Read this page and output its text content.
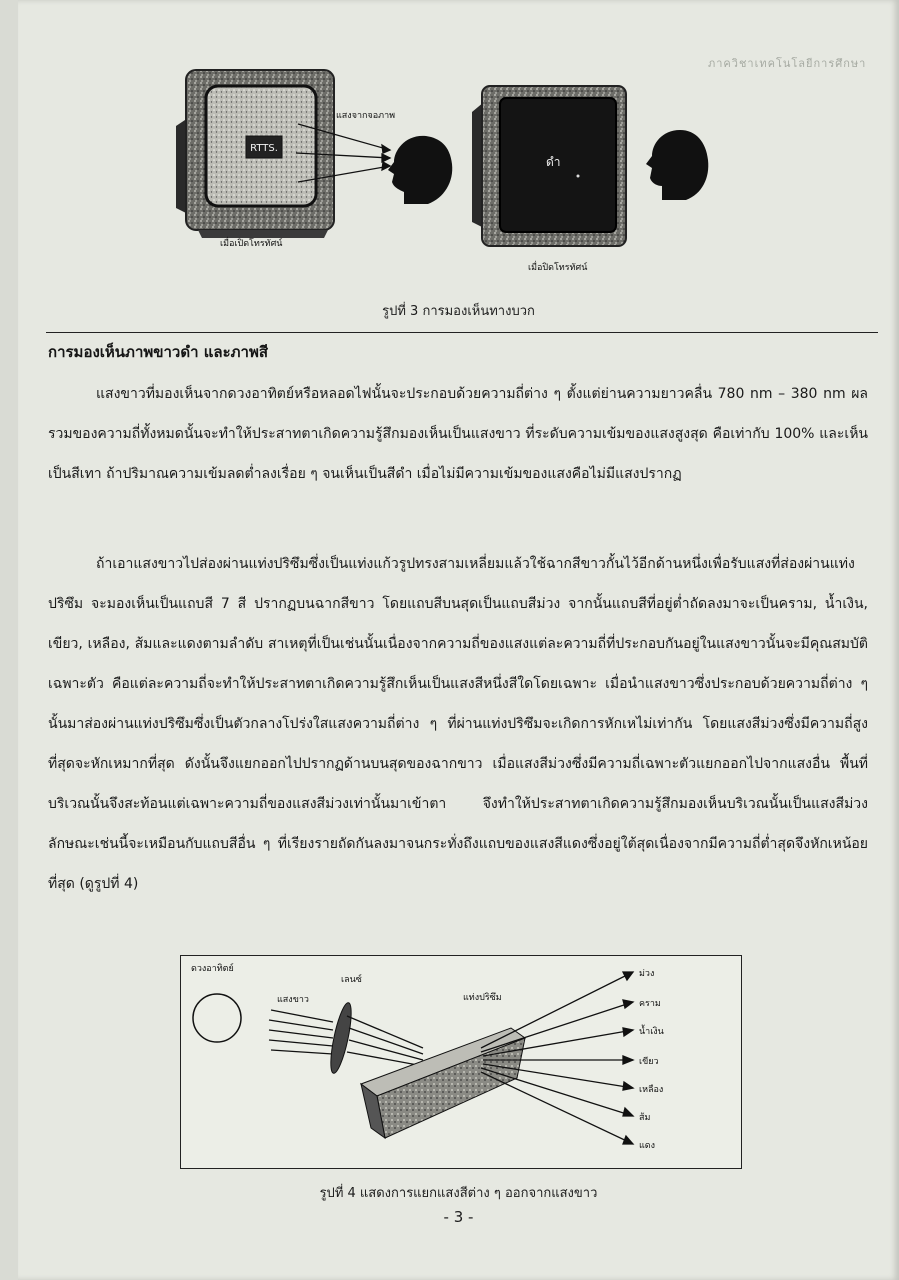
ภาควิชาเทคโนโลยีการศึกษา
RTTS.
แสงจากจอภาพ
เมื่อเปิดโทรทัศน์
ดำ
เมื่อปิดโทรทัศน์
รูปที่ 3 การมองเห็นทางบวก
การมองเห็นภาพขาวดำ และภาพสี

แสงขาวที่มองเห็นจากดวงอาทิตย์หรือหลอดไฟนั้นจะประกอบด้วยความถี่ต่าง ๆ ตั้งแต่ย่านความยาวคลื่น 780 nm – 380 nm ผลรวมของความถี่ทั้งหมดนั้นจะทำให้ประสาทตาเกิดความรู้สึกมองเห็นเป็นแสงขาว ที่ระดับความเข้มของแสงสูงสุด คือเท่ากับ 100% และเห็นเป็นสีเทา ถ้าปริมาณความเข้มลดต่ำลงเรื่อย ๆ จนเห็นเป็นสีดำ เมื่อไม่มีความเข้มของแสงคือไม่มีแสงปรากฏ

ถ้าเอาแสงขาวไปส่องผ่านแท่งปริซึมซึ่งเป็นแท่งแก้วรูปทรงสามเหลี่ยมแล้วใช้ฉากสีขาวกั้นไว้อีกด้านหนึ่งเพื่อรับแสงที่ส่องผ่านแท่งปริซึม จะมองเห็นเป็นแถบสี 7 สี ปรากฏบนฉากสีขาว โดยแถบสีบนสุดเป็นแถบสีม่วง จากนั้นแถบสีที่อยู่ต่ำถัดลงมาจะเป็นคราม, น้ำเงิน, เขียว, เหลือง, ส้มและแดงตามลำดับ สาเหตุที่เป็นเช่นนั้นเนื่องจากความถี่ของแสงแต่ละความถี่ที่ประกอบกันอยู่ในแสงขาวนั้นจะมีคุณสมบัติเฉพาะตัว คือแต่ละความถี่จะทำให้ประสาทตาเกิดความรู้สึกเห็นเป็นแสงสีหนึ่งสีใดโดยเฉพาะ เมื่อนำแสงขาวซึ่งประกอบด้วยความถี่ต่าง ๆ นั้นมาส่องผ่านแท่งปริซึมซึ่งเป็นตัวกลางโปร่งใสแสงความถี่ต่าง ๆ ที่ผ่านแท่งปริซึมจะเกิดการหักเหไม่เท่ากัน โดยแสงสีม่วงซึ่งมีความถี่สูงที่สุดจะหักเหมากที่สุด ดังนั้นจึงแยกออกไปปรากฏด้านบนสุดของฉากขาว เมื่อแสงสีม่วงซึ่งมีความถี่เฉพาะตัวแยกออกไปจากแสงอื่น พื้นที่บริเวณนั้นจึงสะท้อนแต่เฉพาะความถี่ของแสงสีม่วงเท่านั้นมาเข้าตา จึงทำให้ประสาทตาเกิดความรู้สึกมองเห็นบริเวณนั้นเป็นแสงสีม่วง ลักษณะเช่นนี้จะเหมือนกับแถบสีอื่น ๆ ที่เรียงรายถัดกันลงมาจนกระทั่งถึงแถบของแสงสีแดงซึ่งอยู่ใต้สุดเนื่องจากมีความถี่ต่ำสุดจึงหักเหน้อยที่สุด (ดูรูปที่ 4)

ดวงอาทิตย์
แสงขาว
เลนซ์
แท่งปริซึม
ม่วง
คราม
น้ำเงิน
เขียว
เหลือง
ส้ม
แดง
รูปที่ 4 แสดงการแยกแสงสีต่าง ๆ ออกจากแสงขาว
- 3 -
